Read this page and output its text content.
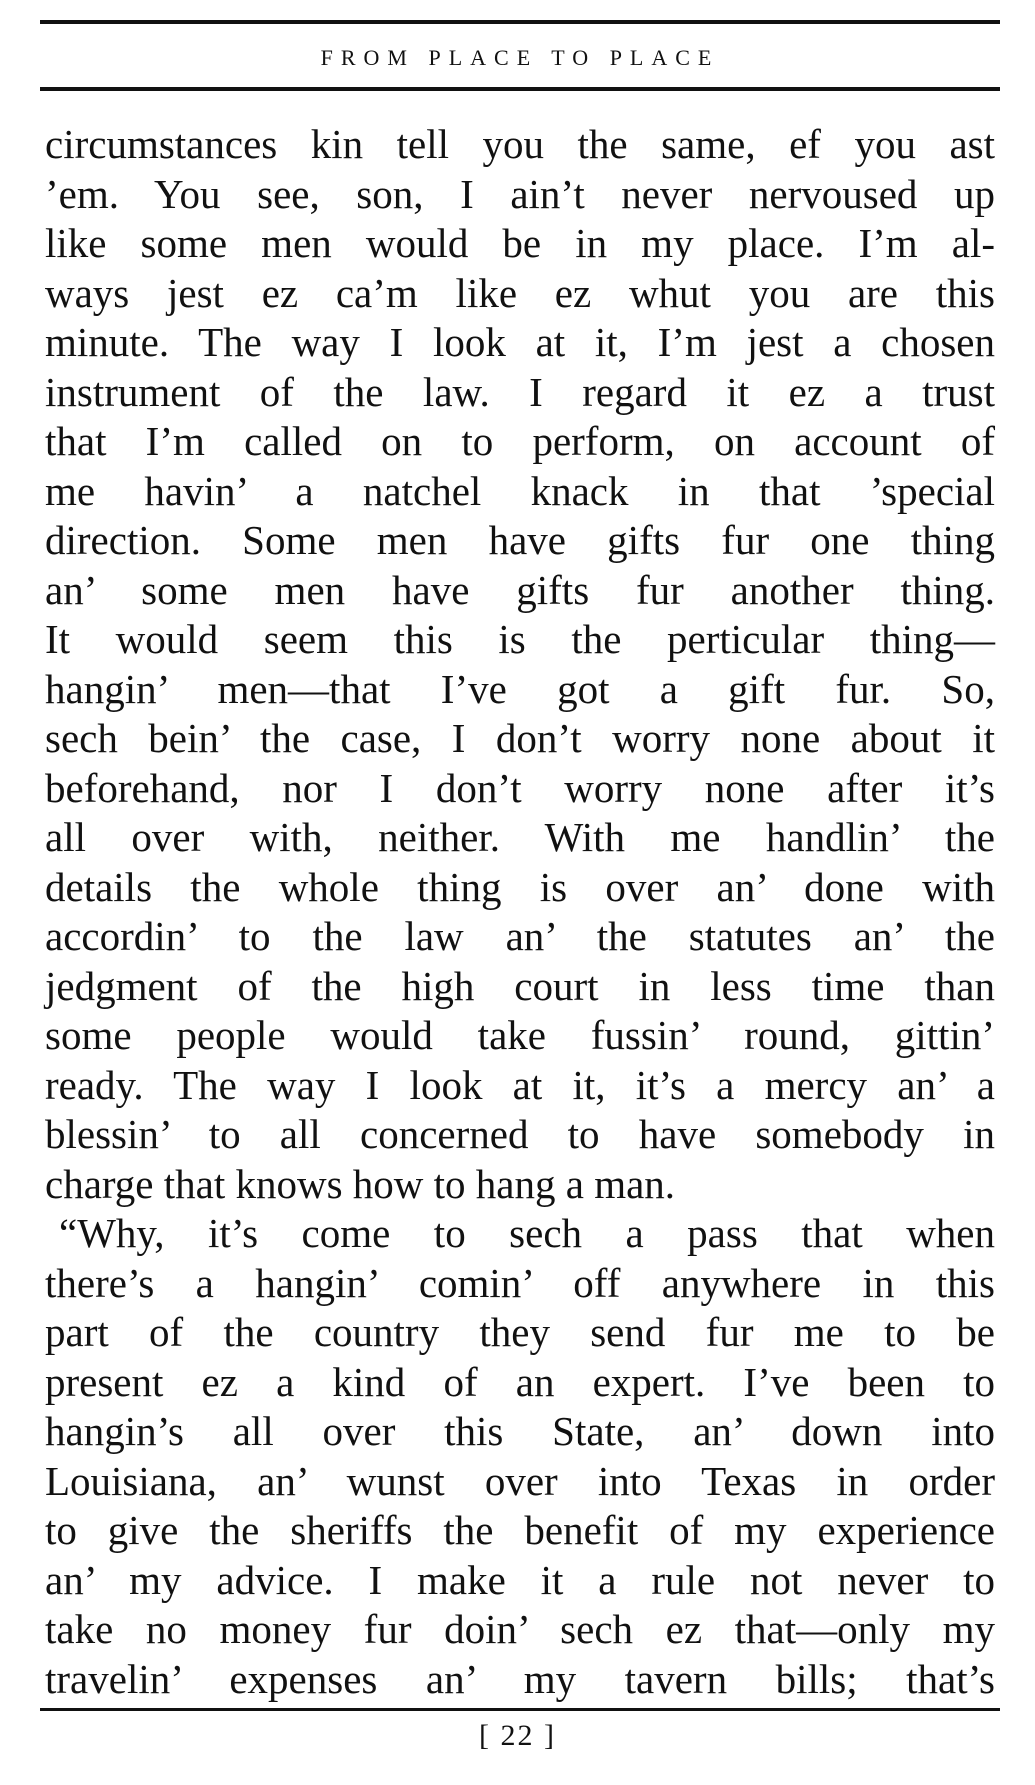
FROM PLACE TO PLACE
circumstances kin tell you the same, ef you ast
’em. You see, son, I ain’t never nervoused up
like some men would be in my place. I’m al-
ways jest ez ca’m like ez whut you are this
minute. The way I look at it, I’m jest a chosen
instrument of the law. I regard it ez a trust
that I’m called on to perform, on account of
me havin’ a natchel knack in that ’special
direction. Some men have gifts fur one thing
an’ some men have gifts fur another thing.
It would seem this is the perticular thing—
hangin’ men—that I’ve got a gift fur. So,
sech bein’ the case, I don’t worry none about it
beforehand, nor I don’t worry none after it’s
all over with, neither. With me handlin’ the
details the whole thing is over an’ done with
accordin’ to the law an’ the statutes an’ the
jedgment of the high court in less time than
some people would take fussin’ round, gittin’
ready. The way I look at it, it’s a mercy an’ a
blessin’ to all concerned to have somebody in
charge that knows how to hang a man.
“Why, it’s come to sech a pass that when
there’s a hangin’ comin’ off anywhere in this
part of the country they send fur me to be
present ez a kind of an expert. I’ve been to
hangin’s all over this State, an’ down into
Louisiana, an’ wunst over into Texas in order
to give the sheriffs the benefit of my experience
an’ my advice. I make it a rule not never to
take no money fur doin’ sech ez that—only my
travelin’ expenses an’ my tavern bills; that’s
[ 22 ]
